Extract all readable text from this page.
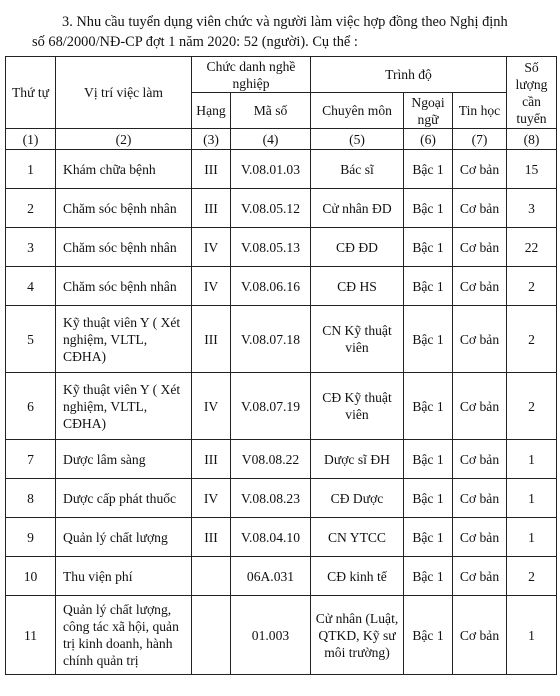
3. Nhu cầu tuyển dụng viên chức và người làm việc hợp đồng theo Nghị định

số 68/2000/NĐ-CP đợt 1 năm 2020: 52 (người). Cụ thể :

Thứ tự	Vị trí việc làm	Chức danh nghề nghiệp		Trình độ			Số lượng cần tuyển
		Hạng	Mã số	Chuyên môn	Ngoại ngữ	Tin học	
(1)	(2)	(3)	(4)	(5)	(6)	(7)	(8)
1	Khám chữa bệnh	III	V.08.01.03	Bác sĩ	Bậc 1	Cơ bản	15
2	Chăm sóc bệnh nhân	III	V.08.05.12	Cử nhân ĐD	Bậc 1	Cơ bản	3
3	Chăm sóc bệnh nhân	IV	V.08.05.13	CĐ ĐD	Bậc 1	Cơ bản	22
4	Chăm sóc bệnh nhân	IV	V.08.06.16	CĐ HS	Bậc 1	Cơ bản	2
5	Kỹ thuật viên Y ( Xét nghiệm, VLTL, CĐHA)	III	V.08.07.18	CN Kỹ thuật viên	Bậc 1	Cơ bản	2
6	Kỹ thuật viên Y ( Xét nghiệm, VLTL, CĐHA)	IV	V.08.07.19	CĐ Kỹ thuật viên	Bậc 1	Cơ bản	2
7	Dược lâm sàng	III	V08.08.22	Dược sĩ ĐH	Bậc 1	Cơ bản	1
8	Dược cấp phát thuốc	IV	V.08.08.23	CĐ Dược	Bậc 1	Cơ bản	1
9	Quản lý chất lượng	III	V.08.04.10	CN YTCC	Bậc 1	Cơ bản	1
10	Thu viện phí		06A.031	CĐ kinh tế	Bậc 1	Cơ bản	2
11	Quản lý chất lượng, công tác xã hội, quản trị kinh doanh, hành chính quản trị		01.003	Cử nhân (Luật, QTKD, Kỹ sư môi trường)	Bậc 1	Cơ bản	1
